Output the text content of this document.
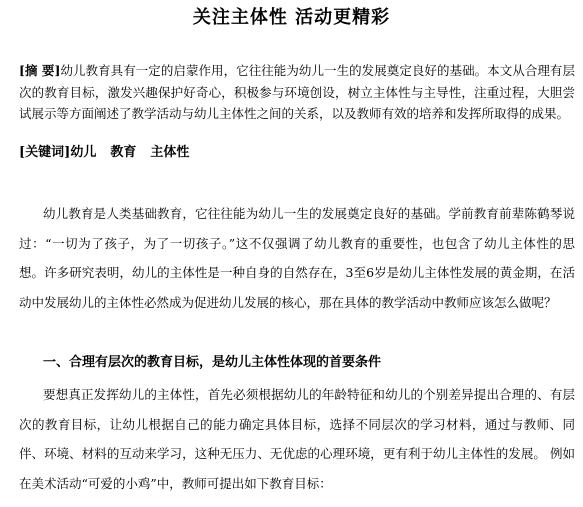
关注主体性 活动更精彩
[摘 要]幼儿教育具有一定的启蒙作用，它往往能为幼儿一生的发展奠定良好的基础。本文从合理有层次的教育目标，激发兴趣保护好奇心，积极参与环境创设，树立主体性与主导性，注重过程，大胆尝试展示等方面阐述了教学活动与幼儿主体性之间的关系，以及教师有效的培养和发挥所取得的成果。
[关键词]幼儿 教育 主体性
幼儿教育是人类基础教育，它往往能为幼儿一生的发展奠定良好的基础。学前教育前辈陈鹤琴说过：“一切为了孩子，为了一切孩子。”这不仅强调了幼儿教育的重要性，也包含了幼儿主体性的思想。许多研究表明，幼儿的主体性是一种自身的自然存在，3至6岁是幼儿主体性发展的黄金期，在活动中发展幼儿的主体性必然成为促进幼儿发展的核心，那在具体的教学活动中教师应该怎么做呢？
一、合理有层次的教育目标，是幼儿主体性体现的首要条件
要想真正发挥幼儿的主体性，首先必须根据幼儿的年龄特征和幼儿的个别差异提出合理的、有层次的教育目标，让幼儿根据自己的能力确定具体目标，选择不同层次的学习材料，通过与教师、同伴、环境、材料的互动来学习，这种无压力、无优虑的心理环境，更有利于幼儿主体性的发展。 例如在美术活动“可爱的小鸡”中，教师可提出如下教育目标：
